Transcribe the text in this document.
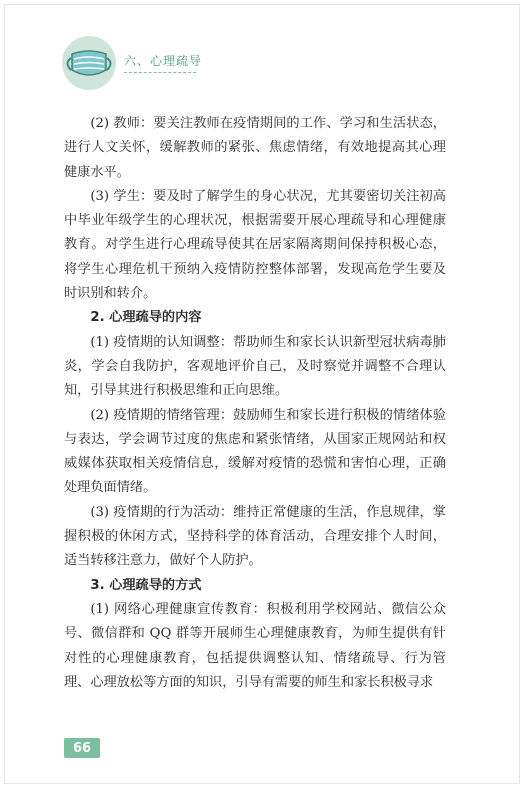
六、心理疏导

(2) 教师：要关注教师在疫情期间的工作、学习和生活状态，进行人文关怀，缓解教师的紧张、焦虑情绪，有效地提高其心理健康水平。

(3) 学生：要及时了解学生的身心状况，尤其要密切关注初高中毕业年级学生的心理状况，根据需要开展心理疏导和心理健康教育。对学生进行心理疏导使其在居家隔离期间保持积极心态，将学生心理危机干预纳入疫情防控整体部署，发现高危学生要及时识别和转介。

2. 心理疏导的内容

(1) 疫情期的认知调整：帮助师生和家长认识新型冠状病毒肺炎，学会自我防护，客观地评价自己，及时察觉并调整不合理认知，引导其进行积极思维和正向思维。

(2) 疫情期的情绪管理：鼓励师生和家长进行积极的情绪体验与表达，学会调节过度的焦虑和紧张情绪，从国家正规网站和权威媒体获取相关疫情信息，缓解对疫情的恐慌和害怕心理，正确处理负面情绪。

(3) 疫情期的行为活动：维持正常健康的生活，作息规律，掌握积极的休闲方式，坚持科学的体育活动，合理安排个人时间，适当转移注意力，做好个人防护。

3. 心理疏导的方式

(1) 网络心理健康宣传教育：积极利用学校网站、微信公众号、微信群和 QQ 群等开展师生心理健康教育，为师生提供有针对性的心理健康教育，包括提供调整认知、情绪疏导、行为管理、心理放松等方面的知识，引导有需要的师生和家长积极寻求

66
